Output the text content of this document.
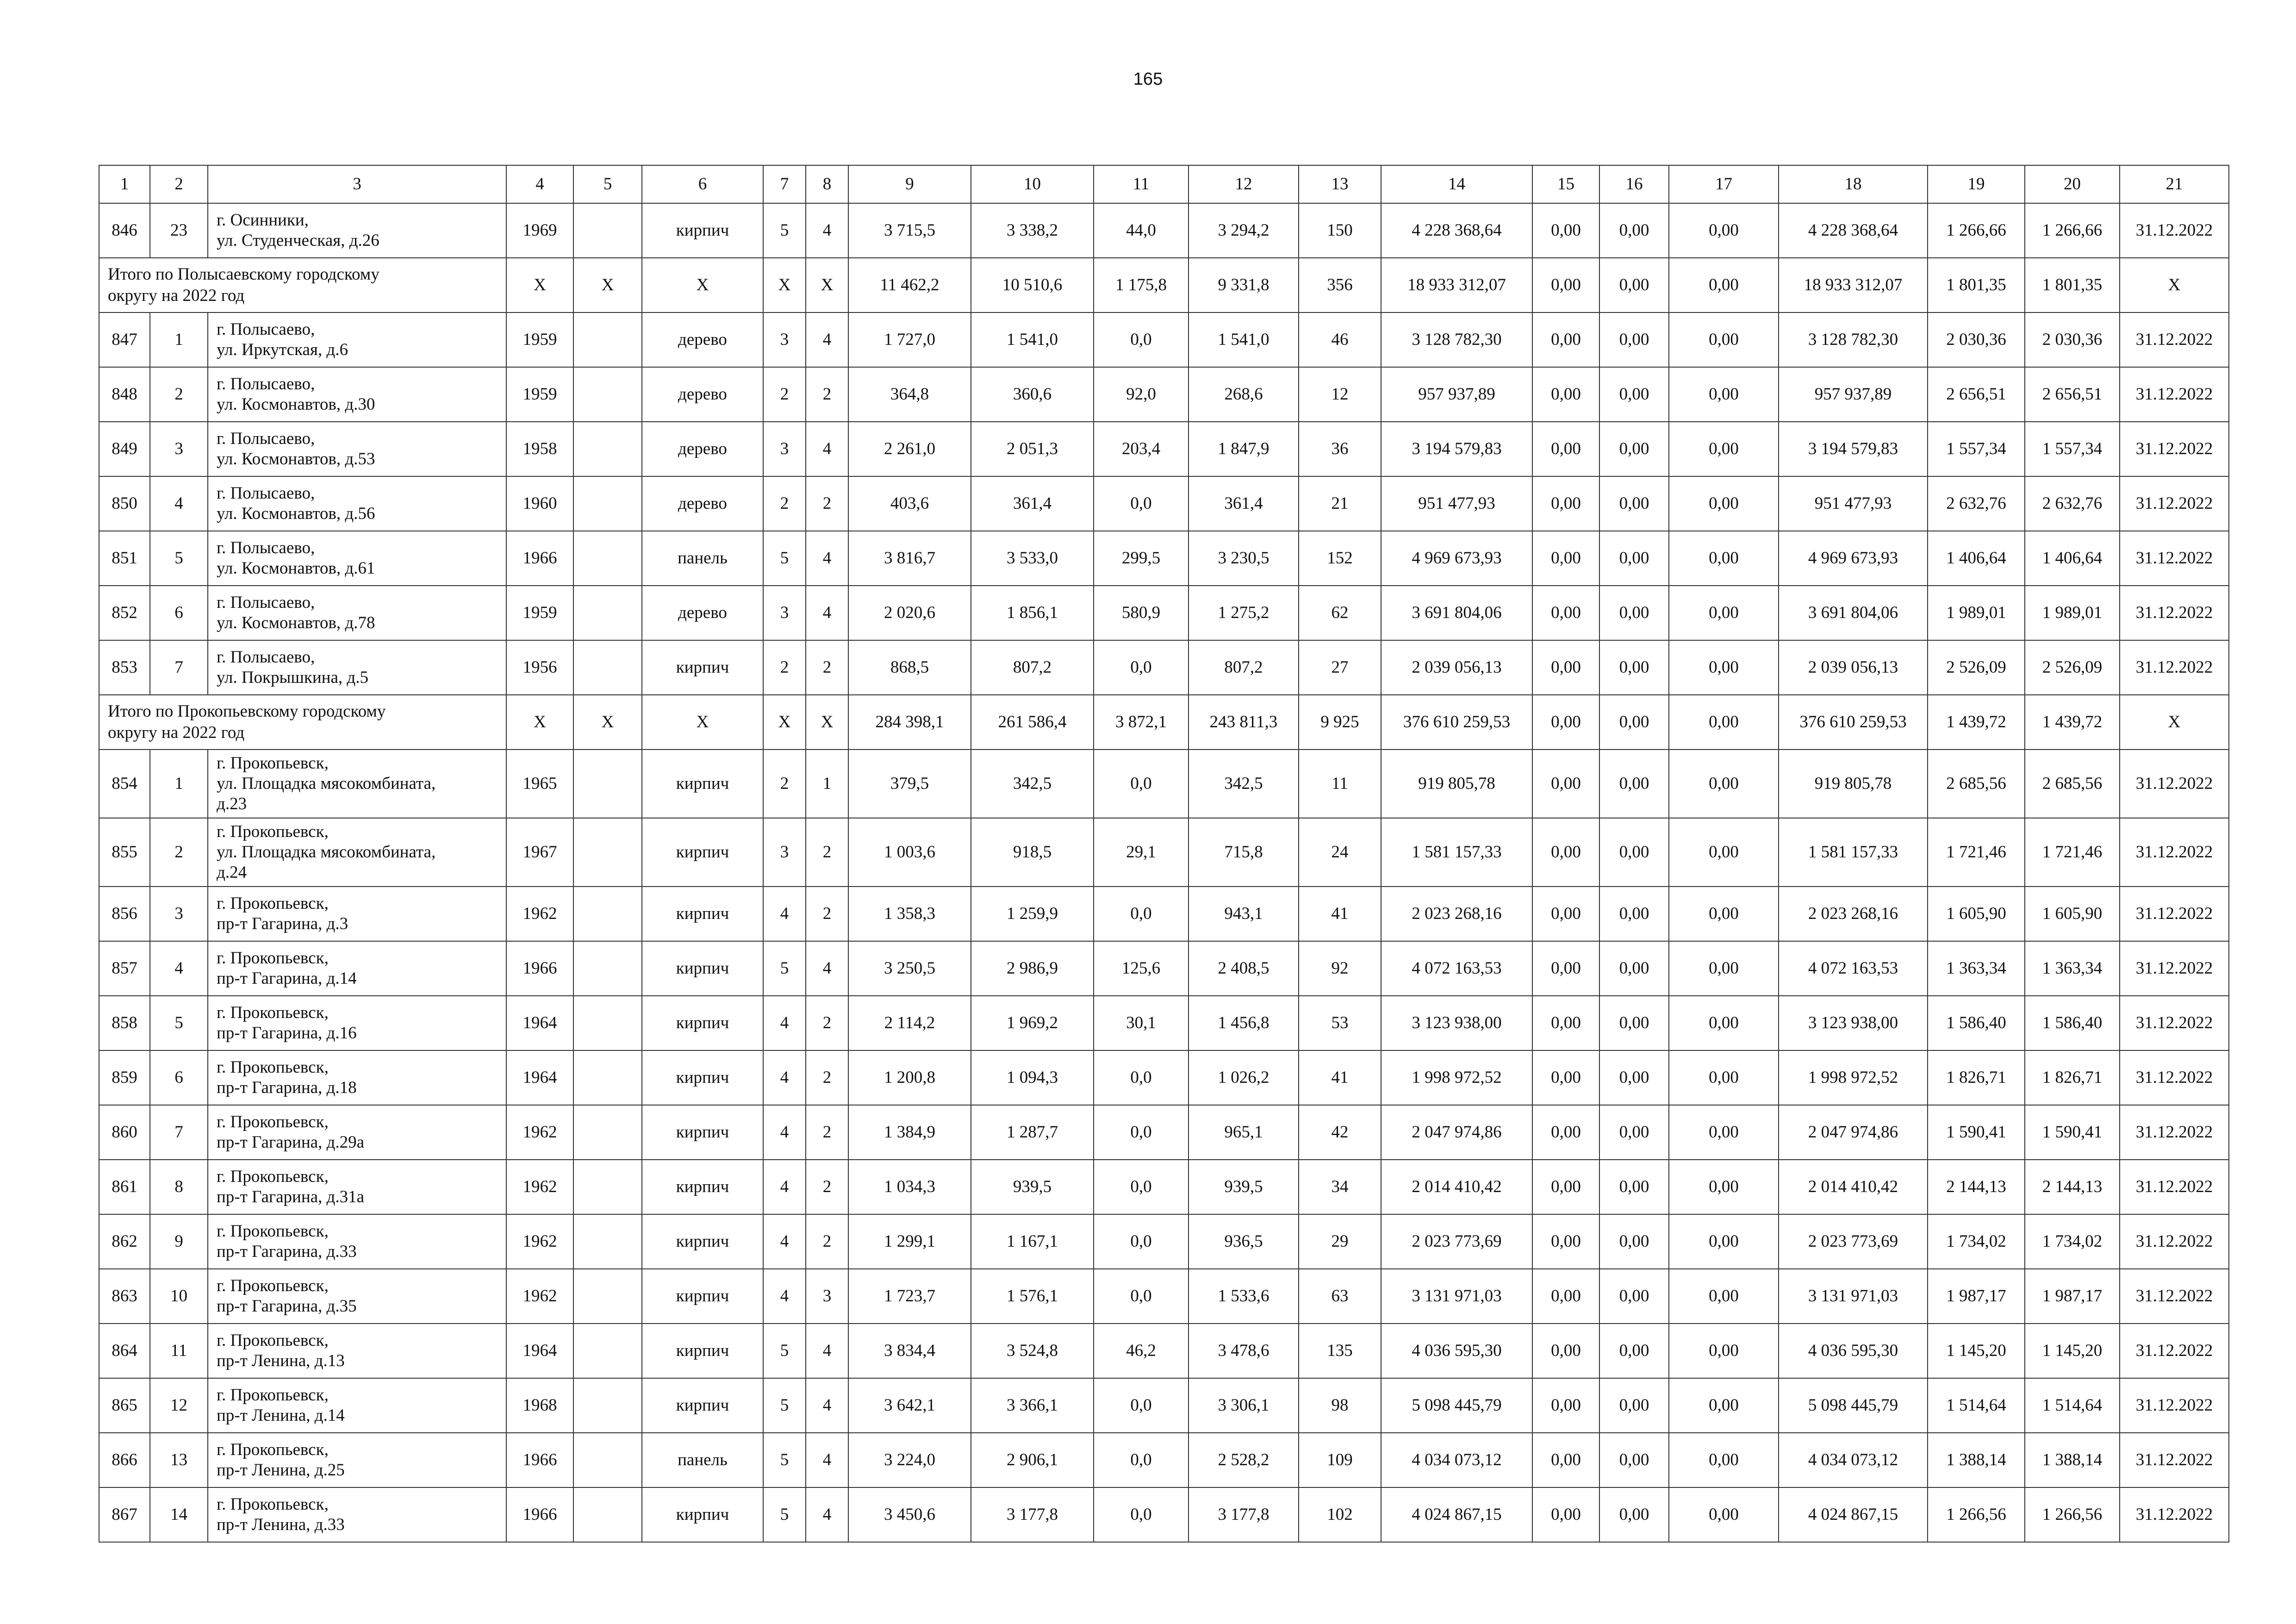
165
1	2	3	4	5	6	7	8	9	10	11	12	13	14	15	16	17	18	19	20	21
846	23	г. Осинники,
ул. Студенческая, д.26	1969		кирпич	5	4	3 715,5	3 338,2	44,0	3 294,2	150	4 228 368,64	0,00	0,00	0,00	4 228 368,64	1 266,66	1 266,66	31.12.2022

Итого по Полысаевскому городскому
округу на 2022 год			X	X	X	X	X	11 462,2	10 510,6	1 175,8	9 331,8	356	18 933 312,07	0,00	0,00	0,00	18 933 312,07	1 801,35	1 801,35	X
847	1	г. Полысаево,
ул. Иркутская, д.6	1959		дерево	3	4	1 727,0	1 541,0	0,0	1 541,0	46	3 128 782,30	0,00	0,00	0,00	3 128 782,30	2 030,36	2 030,36	31.12.2022
848	2	г. Полысаево,
ул. Космонавтов, д.30	1959		дерево	2	2	364,8	360,6	92,0	268,6	12	957 937,89	0,00	0,00	0,00	957 937,89	2 656,51	2 656,51	31.12.2022
849	3	г. Полысаево,
ул. Космонавтов, д.53	1958		дерево	3	4	2 261,0	2 051,3	203,4	1 847,9	36	3 194 579,83	0,00	0,00	0,00	3 194 579,83	1 557,34	1 557,34	31.12.2022
850	4	г. Полысаево,
ул. Космонавтов, д.56	1960		дерево	2	2	403,6	361,4	0,0	361,4	21	951 477,93	0,00	0,00	0,00	951 477,93	2 632,76	2 632,76	31.12.2022
851	5	г. Полысаево,
ул. Космонавтов, д.61	1966		панель	5	4	3 816,7	3 533,0	299,5	3 230,5	152	4 969 673,93	0,00	0,00	0,00	4 969 673,93	1 406,64	1 406,64	31.12.2022
852	6	г. Полысаево,
ул. Космонавтов, д.78	1959		дерево	3	4	2 020,6	1 856,1	580,9	1 275,2	62	3 691 804,06	0,00	0,00	0,00	3 691 804,06	1 989,01	1 989,01	31.12.2022
853	7	г. Полысаево,
ул. Покрышкина, д.5	1956		кирпич	2	2	868,5	807,2	0,0	807,2	27	2 039 056,13	0,00	0,00	0,00	2 039 056,13	2 526,09	2 526,09	31.12.2022

Итого по Прокопьевскому городскому
округу на 2022 год			X	X	X	X	X	284 398,1	261 586,4	3 872,1	243 811,3	9 925	376 610 259,53	0,00	0,00	0,00	376 610 259,53	1 439,72	1 439,72	X
854	1	г. Прокопьевск,
ул. Площадка мясокомбината,
д.23	1965		кирпич	2	1	379,5	342,5	0,0	342,5	11	919 805,78	0,00	0,00	0,00	919 805,78	2 685,56	2 685,56	31.12.2022
855	2	г. Прокопьевск,
ул. Площадка мясокомбината,
д.24	1967		кирпич	3	2	1 003,6	918,5	29,1	715,8	24	1 581 157,33	0,00	0,00	0,00	1 581 157,33	1 721,46	1 721,46	31.12.2022
856	3	г. Прокопьевск,
пр-т Гагарина, д.3	1962		кирпич	4	2	1 358,3	1 259,9	0,0	943,1	41	2 023 268,16	0,00	0,00	0,00	2 023 268,16	1 605,90	1 605,90	31.12.2022
857	4	г. Прокопьевск,
пр-т Гагарина, д.14	1966		кирпич	5	4	3 250,5	2 986,9	125,6	2 408,5	92	4 072 163,53	0,00	0,00	0,00	4 072 163,53	1 363,34	1 363,34	31.12.2022
858	5	г. Прокопьевск,
пр-т Гагарина, д.16	1964		кирпич	4	2	2 114,2	1 969,2	30,1	1 456,8	53	3 123 938,00	0,00	0,00	0,00	3 123 938,00	1 586,40	1 586,40	31.12.2022
859	6	г. Прокопьевск,
пр-т Гагарина, д.18	1964		кирпич	4	2	1 200,8	1 094,3	0,0	1 026,2	41	1 998 972,52	0,00	0,00	0,00	1 998 972,52	1 826,71	1 826,71	31.12.2022
860	7	г. Прокопьевск,
пр-т Гагарина, д.29а	1962		кирпич	4	2	1 384,9	1 287,7	0,0	965,1	42	2 047 974,86	0,00	0,00	0,00	2 047 974,86	1 590,41	1 590,41	31.12.2022
861	8	г. Прокопьевск,
пр-т Гагарина, д.31а	1962		кирпич	4	2	1 034,3	939,5	0,0	939,5	34	2 014 410,42	0,00	0,00	0,00	2 014 410,42	2 144,13	2 144,13	31.12.2022
862	9	г. Прокопьевск,
пр-т Гагарина, д.33	1962		кирпич	4	2	1 299,1	1 167,1	0,0	936,5	29	2 023 773,69	0,00	0,00	0,00	2 023 773,69	1 734,02	1 734,02	31.12.2022
863	10	г. Прокопьевск,
пр-т Гагарина, д.35	1962		кирпич	4	3	1 723,7	1 576,1	0,0	1 533,6	63	3 131 971,03	0,00	0,00	0,00	3 131 971,03	1 987,17	1 987,17	31.12.2022
864	11	г. Прокопьевск,
пр-т Ленина, д.13	1964		кирпич	5	4	3 834,4	3 524,8	46,2	3 478,6	135	4 036 595,30	0,00	0,00	0,00	4 036 595,30	1 145,20	1 145,20	31.12.2022
865	12	г. Прокопьевск,
пр-т Ленина, д.14	1968		кирпич	5	4	3 642,1	3 366,1	0,0	3 306,1	98	5 098 445,79	0,00	0,00	0,00	5 098 445,79	1 514,64	1 514,64	31.12.2022
866	13	г. Прокопьевск,
пр-т Ленина, д.25	1966		панель	5	4	3 224,0	2 906,1	0,0	2 528,2	109	4 034 073,12	0,00	0,00	0,00	4 034 073,12	1 388,14	1 388,14	31.12.2022
867	14	г. Прокопьевск,
пр-т Ленина, д.33	1966		кирпич	5	4	3 450,6	3 177,8	0,0	3 177,8	102	4 024 867,15	0,00	0,00	0,00	4 024 867,15	1 266,56	1 266,56	31.12.2022
